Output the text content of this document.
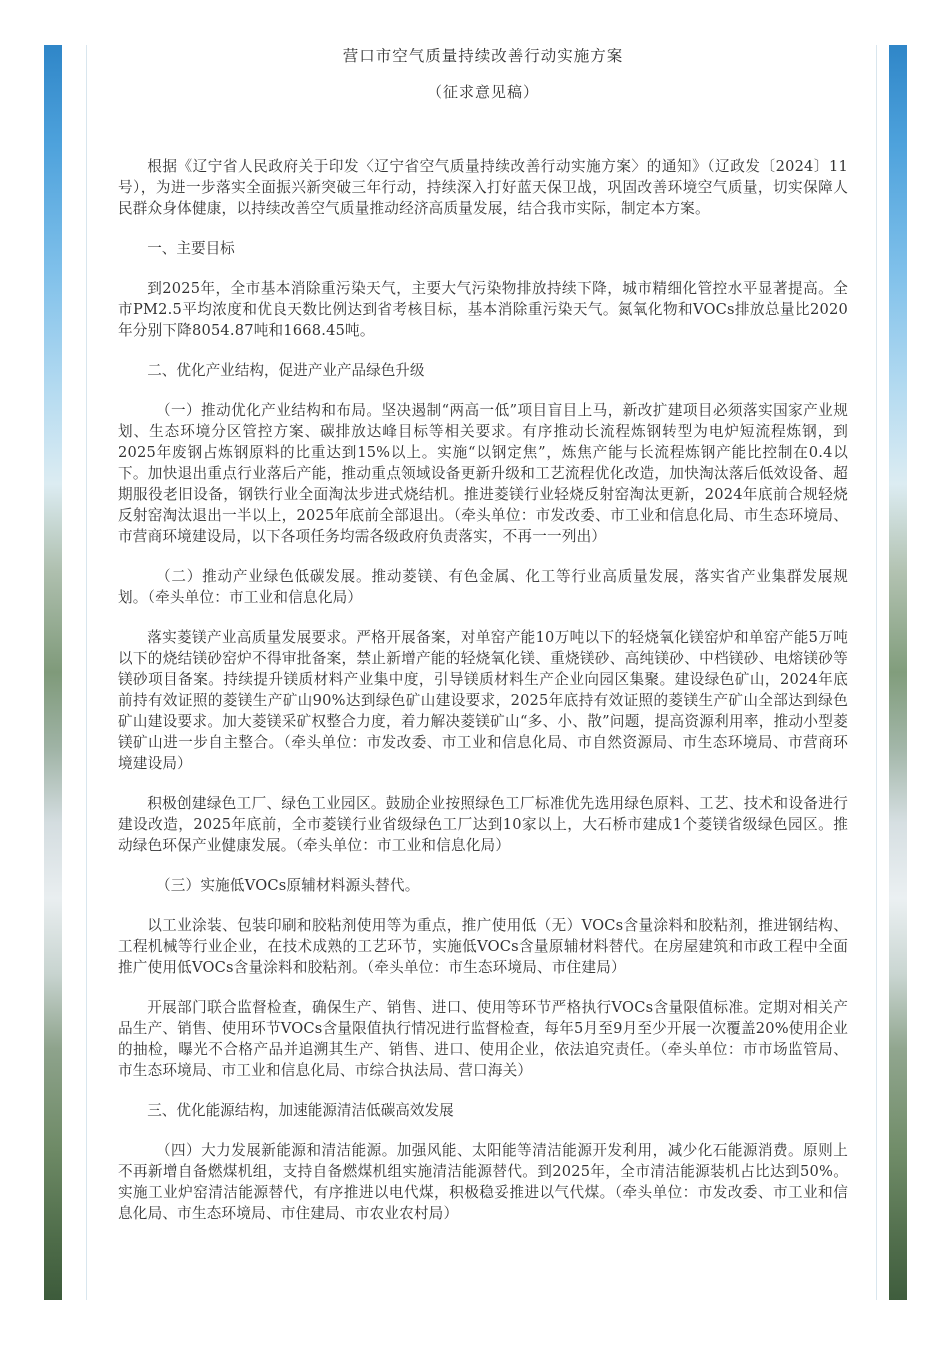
营口市空气质量持续改善行动实施方案
（征求意见稿）

根据《辽宁省人民政府关于印发〈辽宁省空气质量持续改善行动实施方案〉的通知》（辽政发〔2024〕11号），为进一步落实全面振兴新突破三年行动，持续深入打好蓝天保卫战，巩固改善环境空气质量，切实保障人民群众身体健康，以持续改善空气质量推动经济高质量发展，结合我市实际，制定本方案。

一、主要目标

到2025年，全市基本消除重污染天气，主要大气污染物排放持续下降，城市精细化管控水平显著提高。全市PM2.5平均浓度和优良天数比例达到省考核目标，基本消除重污染天气。氮氧化物和VOCs排放总量比2020年分别下降8054.87吨和1668.45吨。

二、优化产业结构，促进产业产品绿色升级

（一）推动优化产业结构和布局。坚决遏制“两高一低”项目盲目上马，新改扩建项目必须落实国家产业规划、生态环境分区管控方案、碳排放达峰目标等相关要求。有序推动长流程炼钢转型为电炉短流程炼钢，到2025年废钢占炼钢原料的比重达到15%以上。实施“以钢定焦”，炼焦产能与长流程炼钢产能比控制在0.4以下。加快退出重点行业落后产能，推动重点领域设备更新升级和工艺流程优化改造，加快淘汰落后低效设备、超期服役老旧设备，钢铁行业全面淘汰步进式烧结机。推进菱镁行业轻烧反射窑淘汰更新，2024年底前合规轻烧反射窑淘汰退出一半以上，2025年底前全部退出。（牵头单位：市发改委、市工业和信息化局、市生态环境局、市营商环境建设局，以下各项任务均需各级政府负责落实，不再一一列出）

（二）推动产业绿色低碳发展。推动菱镁、有色金属、化工等行业高质量发展，落实省产业集群发展规划。（牵头单位：市工业和信息化局）

落实菱镁产业高质量发展要求。严格开展备案，对单窑产能10万吨以下的轻烧氧化镁窑炉和单窑产能5万吨以下的烧结镁砂窑炉不得审批备案，禁止新增产能的轻烧氧化镁、重烧镁砂、高纯镁砂、中档镁砂、电熔镁砂等镁砂项目备案。持续提升镁质材料产业集中度，引导镁质材料生产企业向园区集聚。建设绿色矿山，2024年底前持有效证照的菱镁生产矿山90%达到绿色矿山建设要求，2025年底持有效证照的菱镁生产矿山全部达到绿色矿山建设要求。加大菱镁采矿权整合力度，着力解决菱镁矿山“多、小、散”问题，提高资源利用率，推动小型菱镁矿山进一步自主整合。（牵头单位：市发改委、市工业和信息化局、市自然资源局、市生态环境局、市营商环境建设局）

积极创建绿色工厂、绿色工业园区。鼓励企业按照绿色工厂标准优先选用绿色原料、工艺、技术和设备进行建设改造，2025年底前，全市菱镁行业省级绿色工厂达到10家以上，大石桥市建成1个菱镁省级绿色园区。推动绿色环保产业健康发展。（牵头单位：市工业和信息化局）

（三）实施低VOCs原辅材料源头替代。

以工业涂装、包装印刷和胶粘剂使用等为重点，推广使用低（无）VOCs含量涂料和胶粘剂，推进钢结构、工程机械等行业企业，在技术成熟的工艺环节，实施低VOCs含量原辅材料替代。在房屋建筑和市政工程中全面推广使用低VOCs含量涂料和胶粘剂。（牵头单位：市生态环境局、市住建局）

开展部门联合监督检查，确保生产、销售、进口、使用等环节严格执行VOCs含量限值标准。定期对相关产品生产、销售、使用环节VOCs含量限值执行情况进行监督检查，每年5月至9月至少开展一次覆盖20%使用企业的抽检，曝光不合格产品并追溯其生产、销售、进口、使用企业，依法追究责任。（牵头单位：市市场监管局、市生态环境局、市工业和信息化局、市综合执法局、营口海关）

三、优化能源结构，加速能源清洁低碳高效发展

（四）大力发展新能源和清洁能源。加强风能、太阳能等清洁能源开发利用，减少化石能源消费。原则上不再新增自备燃煤机组，支持自备燃煤机组实施清洁能源替代。到2025年，全市清洁能源装机占比达到50%。实施工业炉窑清洁能源替代，有序推进以电代煤，积极稳妥推进以气代煤。（牵头单位：市发改委、市工业和信息化局、市生态环境局、市住建局、市农业农村局）
